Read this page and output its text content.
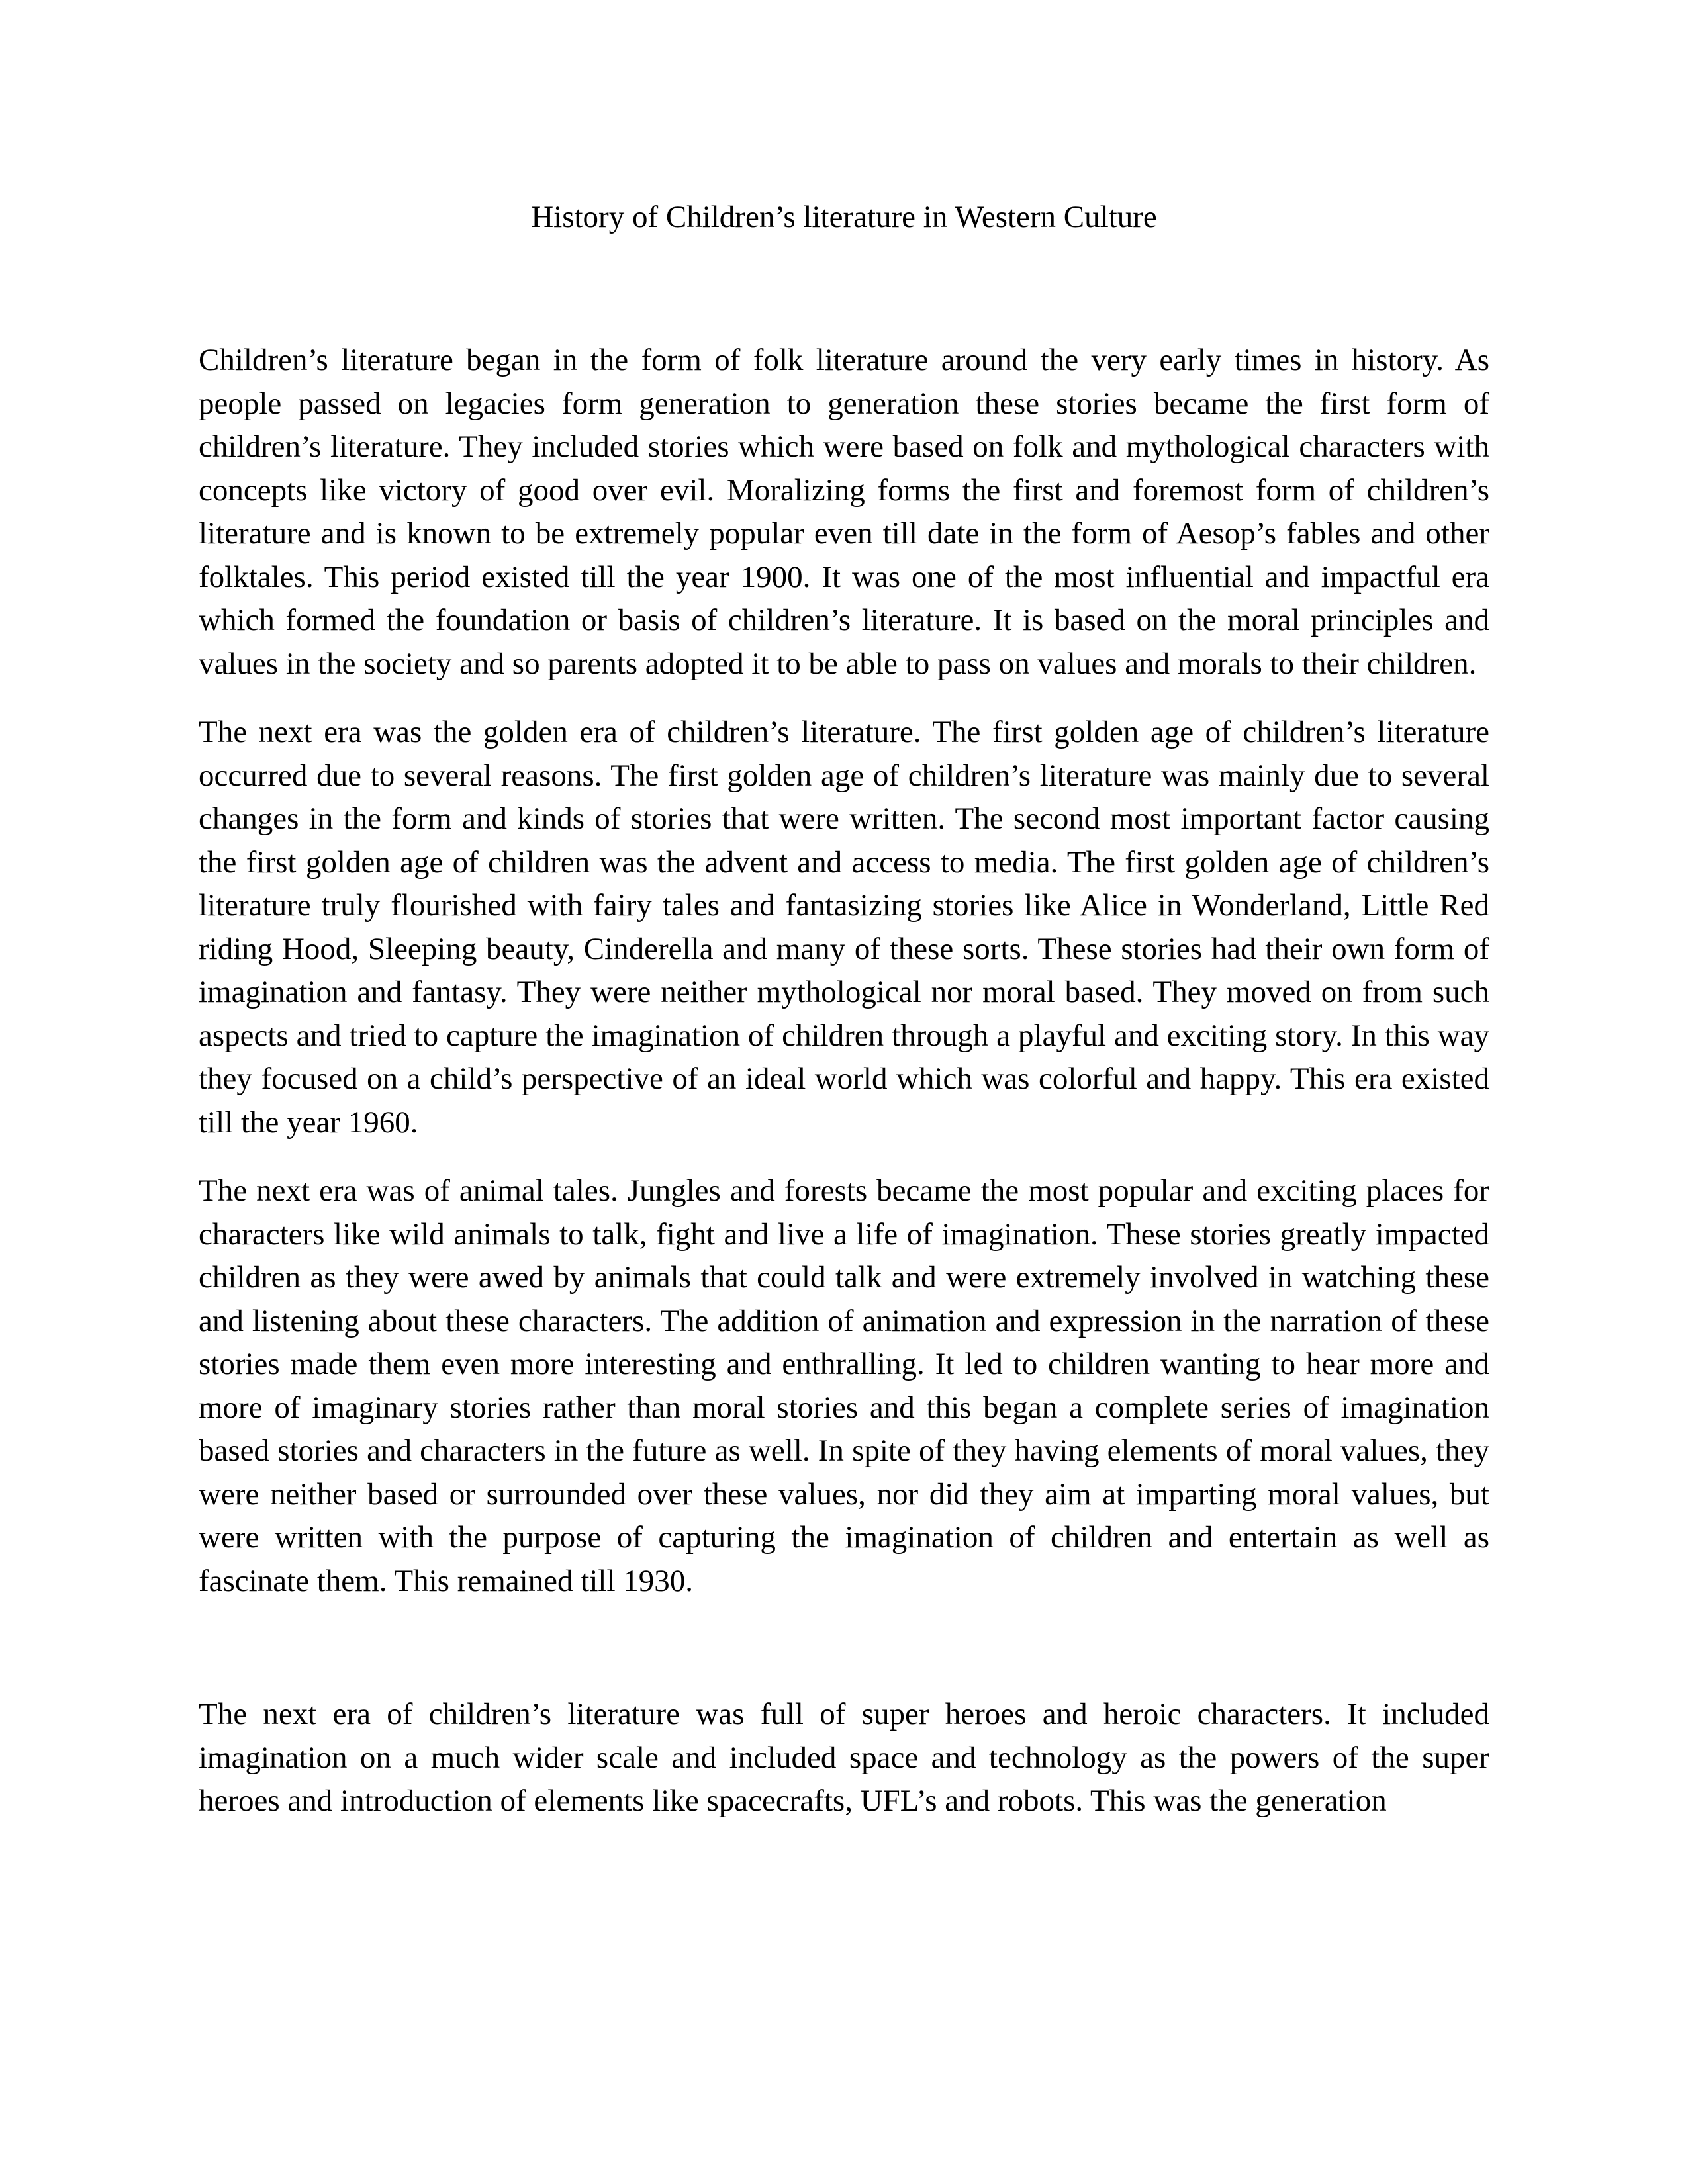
History of Children’s literature in Western Culture

Children’s literature began in the form of folk literature around the very early times in history. As people passed on legacies form generation to generation these stories became the first form of children’s literature. They included stories which were based on folk and mythological characters with concepts like victory of good over evil. Moralizing forms the first and foremost form of children’s literature and is known to be extremely popular even till date in the form of Aesop’s fables and other folktales. This period existed till the year 1900. It was one of the most influential and impactful era which formed the foundation or basis of children’s literature. It is based on the moral principles and values in the society and so parents adopted it to be able to pass on values and morals to their children.

The next era was the golden era of children’s literature. The first golden age of children’s literature occurred due to several reasons. The first golden age of children’s literature was mainly due to several changes in the form and kinds of stories that were written. The second most important factor causing the first golden age of children was the advent and access to media. The first golden age of children’s literature truly flourished with fairy tales and fantasizing stories like Alice in Wonderland, Little Red riding Hood, Sleeping beauty, Cinderella and many of these sorts. These stories had their own form of imagination and fantasy. They were neither mythological nor moral based. They moved on from such aspects and tried to capture the imagination of children through a playful and exciting story. In this way they focused on a child’s perspective of an ideal world which was colorful and happy. This era existed till the year 1960.

The next era was of animal tales. Jungles and forests became the most popular and exciting places for characters like wild animals to talk, fight and live a life of imagination. These stories greatly impacted children as they were awed by animals that could talk and were extremely involved in watching these and listening about these characters. The addition of animation and expression in the narration of these stories made them even more interesting and enthralling. It led to children wanting to hear more and more of imaginary stories rather than moral stories and this began a complete series of imagination based stories and characters in the future as well. In spite of they having elements of moral values, they were neither based or surrounded over these values, nor did they aim at imparting moral values, but were written with the purpose of capturing the imagination of children and entertain as well as fascinate them. This remained till 1930.

The next era of children’s literature was full of super heroes and heroic characters. It included imagination on a much wider scale and included space and technology as the powers of the super heroes and introduction of elements like spacecrafts, UFL’s and robots. This was the generation
